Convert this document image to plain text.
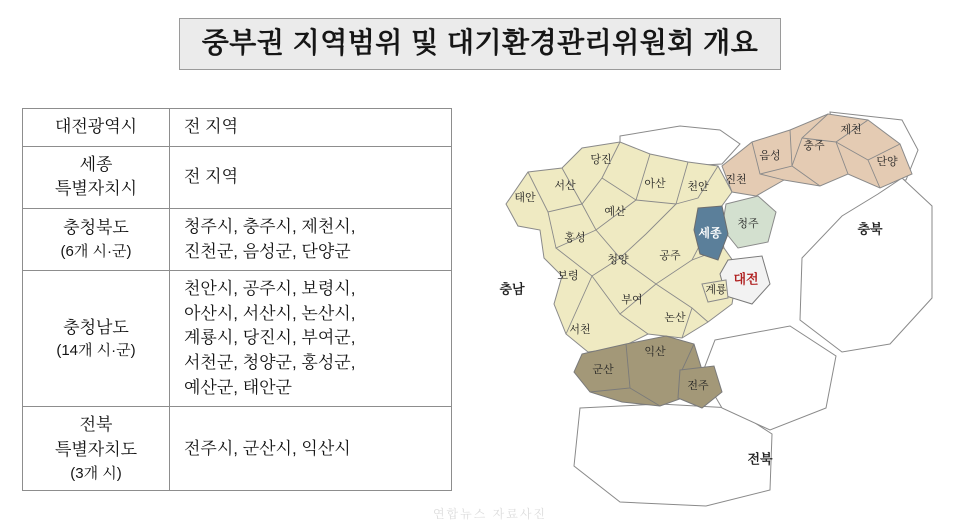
중부권 지역범위 및 대기환경관리위원회 개요
대전광역시	전 지역

세종
특별자치시	전 지역

충청북도
(6개 시·군)	청주시, 충주시, 제천시,
진천군, 음성군, 단양군

충청남도
(14개 시·군)	천안시, 공주시, 보령시,
아산시, 서산시, 논산시,
계룡시, 당진시, 부여군,
서천군, 청양군, 홍성군,
예산군, 태안군

전북
특별자치도
(3개 시)	전주시, 군산시, 익산시
충남
충북
전북
태안
서산
당진
아산 천안
진천
음성
충주
제천
단양
예산
홍성
청양
보령
공주
부여
서천
논산
계룡
익산
군산
전주
세종
청주
대전
연합뉴스 자료사진
